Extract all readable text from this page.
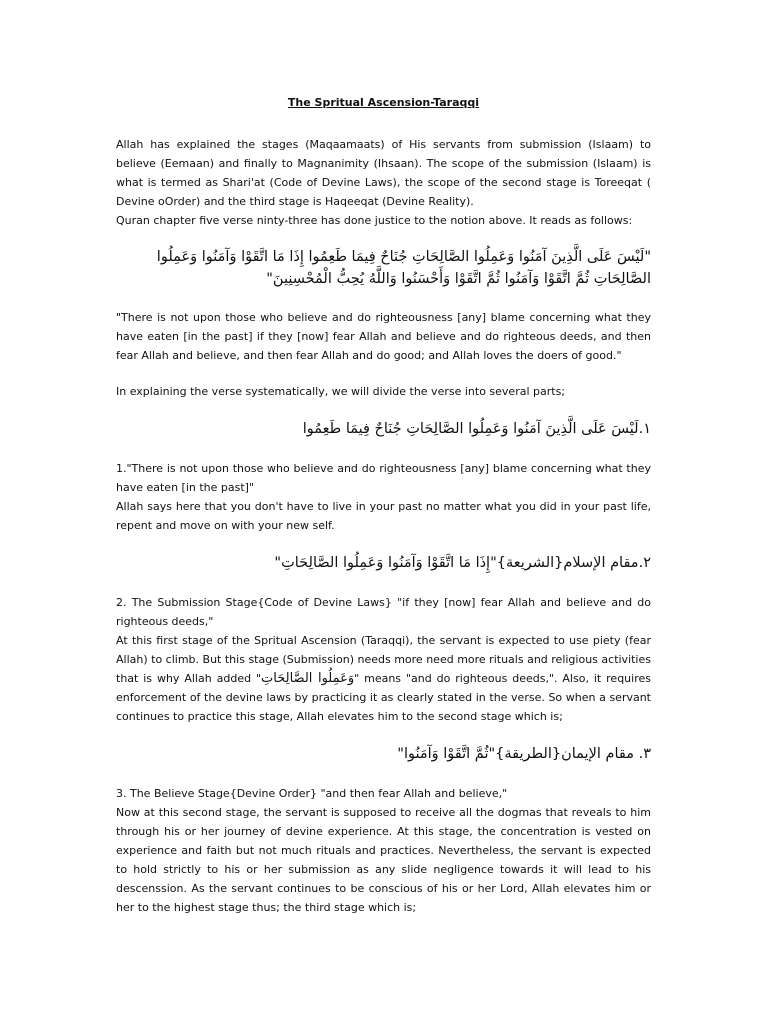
The Spritual Ascension-Taraqqi

Allah has explained the stages (Maqaamaats) of His servants from submission (Islaam) to believe (Eemaan) and finally to Magnanimity (Ihsaan). The scope of the submission (Islaam) is what is termed as Shari'at (Code of Devine Laws), the scope of the second stage is Toreeqat ( Devine oOrder) and the third stage is Haqeeqat (Devine Reality).

Quran chapter five verse ninty-three has done justice to the notion above. It reads as follows:

"لَيْسَ عَلَى الَّذِينَ آمَنُوا وَعَمِلُوا الصَّالِحَاتِ جُنَاحٌ فِيمَا طَعِمُوا إِذَا مَا اتَّقَوْا وَآمَنُوا وَعَمِلُوا

الصَّالِحَاتِ ثُمَّ اتَّقَوْا وَآمَنُوا ثُمَّ اتَّقَوْا وَأَحْسَنُوا وَاللَّهُ يُحِبُّ الْمُحْسِنِينَ"

"There is not upon those who believe and do righteousness [any] blame concerning what they have eaten [in the past] if they [now] fear Allah and believe and do righteous deeds, and then fear Allah and believe, and then fear Allah and do good; and Allah loves the doers of good."

In explaining the verse systematically, we will divide the verse into several parts;

١.لَيْسَ عَلَى الَّذِينَ آمَنُوا وَعَمِلُوا الصَّالِحَاتِ جُنَاحٌ فِيمَا طَعِمُوا

1."There is not upon those who believe and do righteousness [any] blame concerning what they have eaten [in the past]"

Allah says here that you don't have to live in your past no matter what you did in your past life, repent and move on with your new self.

٢.مقام الإسلام{الشريعة}"إِذَا مَا اتَّقَوْا وَآمَنُوا وَعَمِلُوا الصَّالِحَاتِ"

2. The Submission Stage{Code of Devine Laws} "if they [now] fear Allah and believe and do righteous deeds,"

At this first stage of the Spritual Ascension (Taraqqi), the servant is expected to use piety (fear Allah) to climb. But this stage (Submission) needs more need more rituals and religious activities that is why Allah added "وَعَمِلُوا الصَّالِحَاتِ" means "and do righteous deeds,". Also, it requires enforcement of the devine laws by practicing it as clearly stated in the verse. So when a servant continues to practice this stage, Allah elevates him to the second stage which is;

٣. مقام الإيمان{الطريقة}"ثُمَّ اتَّقَوْا وَآمَنُوا"

3. The Believe Stage{Devine Order} "and then fear Allah and believe,"

Now at this second stage, the servant is supposed to receive all the dogmas that reveals to him through his or her journey of devine experience. At this stage, the concentration is vested on experience and faith but not much rituals and practices. Nevertheless, the servant is expected to hold strictly to his or her submission as any slide negligence towards it will lead to his descenssion. As the servant continues to be conscious of his or her Lord, Allah elevates him or her to the highest stage thus; the third stage which is;
